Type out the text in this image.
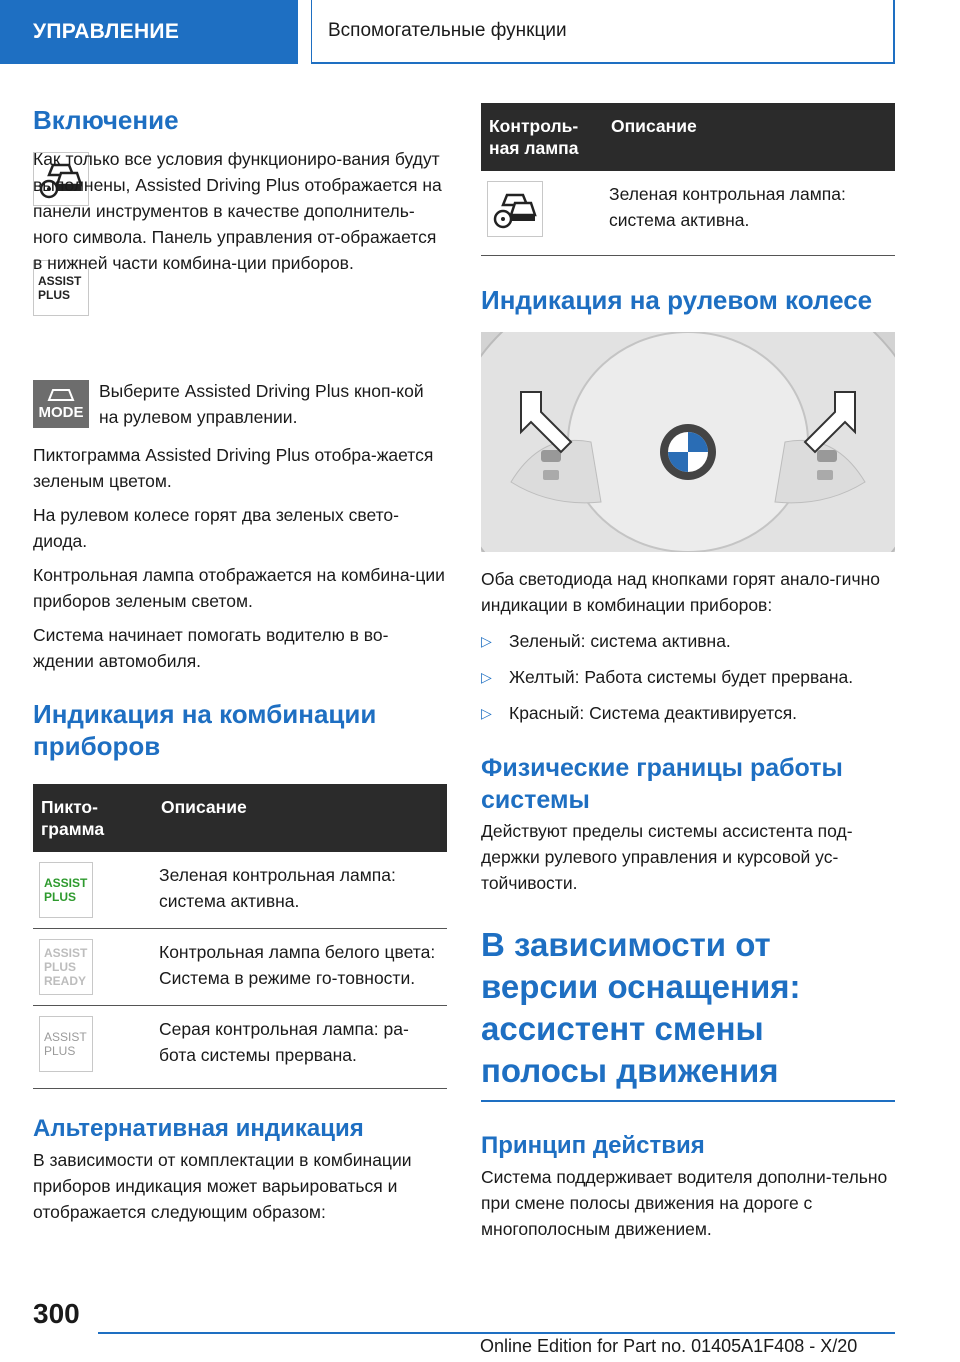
УПРАВЛЕНИЕ	Вспомогательные функции
Включение
ASSIST
PLUS

Как только все условия функциониро-вания будут выполнены, Assisted Driving Plus отображается на панели инструментов в качестве дополнитель-ного символа. Панель управления от-ображается в нижней части комбина-ции приборов.

MODE

Выберите Assisted Driving Plus кноп-кой на рулевом управлении.

Пиктограмма Assisted Driving Plus отобра-жается зеленым цветом.

На рулевом колесе горят два зеленых свето-диода.

Контрольная лампа отображается на комбина-ции приборов зеленым светом.

Система начинает помогать водителю в во-ждении автомобиля.

Индикация на комбинации приборов
Пикто-грамма	Описание

ASSIST PLUS	Зеленая контрольная лампа: система активна.

ASSIST PLUS READY	Контрольная лампа белого цвета: Система в режиме го-товности.

ASSIST PLUS	Серая контрольная лампа: ра-бота системы прервана.
Альтернативная индикация

В зависимости от комплектации в комбинации приборов индикация может варьироваться и отображается следующим образом:

Контроль-ная лампа	Описание

	Зеленая контрольная лампа: система активна.
Индикация на рулевом колесе

Оба светодиода над кнопками горят анало-гично индикации в комбинации приборов:

▷ Зеленый: система активна.
▷ Желтый: Работа системы будет прервана.
▷ Красный: Система деактивируется.
Физические границы работы системы

Действуют пределы системы ассистента под-держки рулевого управления и курсовой ус-тойчивости.

В зависимости от версии оснащения: ассистент смены полосы движения
Принцип действия

Система поддерживает водителя дополни-тельно при смене полосы движения на дороге с многополосным движением.

300
Online Edition for Part no. 01405A1F408 - X/20
